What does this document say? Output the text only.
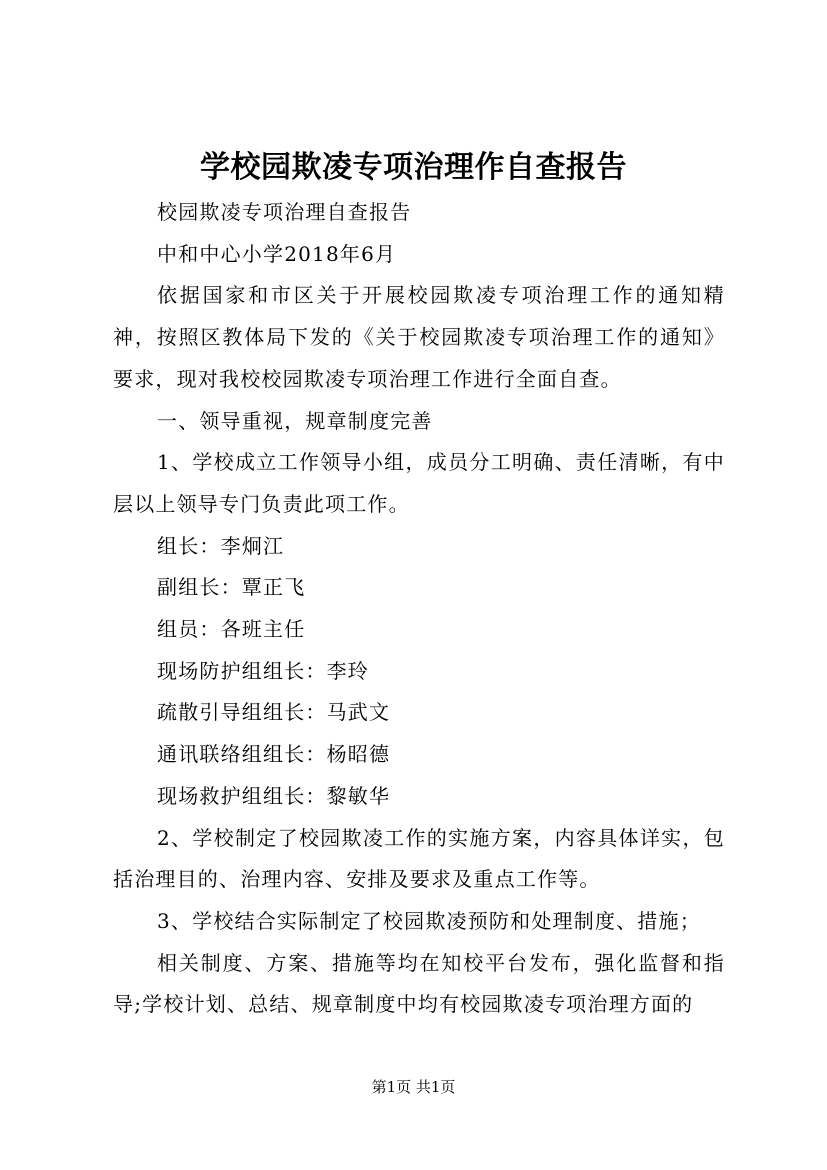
学校园欺凌专项治理作自查报告

校园欺凌专项治理自查报告

中和中心小学2018年6月

依据国家和市区关于开展校园欺凌专项治理工作的通知精神，按照区教体局下发的《关于校园欺凌专项治理工作的通知》要求，现对我校校园欺凌专项治理工作进行全面自查。

一、领导重视，规章制度完善

1、学校成立工作领导小组，成员分工明确、责任清晰，有中层以上领导专门负责此项工作。

组长：李炯江

副组长：覃正飞

组员：各班主任

现场防护组组长：李玲

疏散引导组组长：马武文

通讯联络组组长：杨昭德

现场救护组组长：黎敏华

2、学校制定了校园欺凌工作的实施方案，内容具体详实，包括治理目的、治理内容、安排及要求及重点工作等。

3、学校结合实际制定了校园欺凌预防和处理制度、措施；

相关制度、方案、措施等均在知校平台发布，强化监督和指导;学校计划、总结、规章制度中均有校园欺凌专项治理方面的

第1页 共1页
